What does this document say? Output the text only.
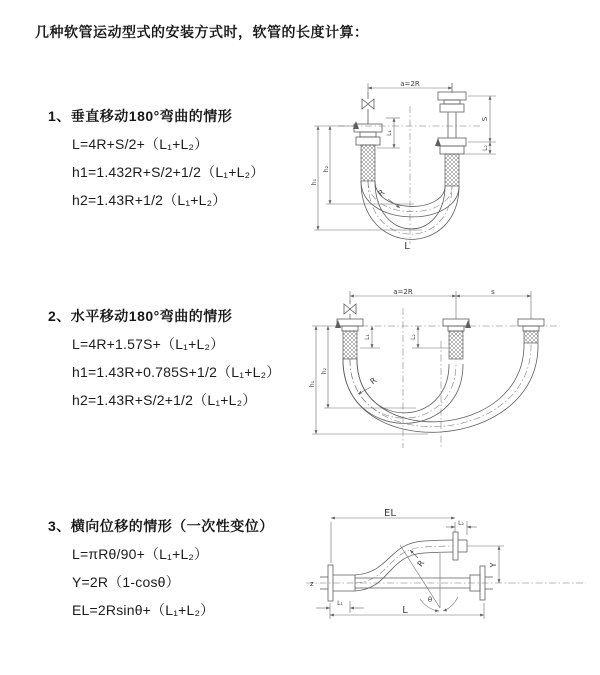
几种软管运动型式的安装方式时，软管的长度计算：
1、垂直移动180°弯曲的情形
L=4R+S/2+（L₁+L₂）
h1=1.432R+S/2+1/2（L₁+L₂）
h2=1.43R+1/2（L₁+L₂）
2、水平移动180°弯曲的情形
L=4R+1.57S+（L₁+L₂）
h1=1.43R+0.785S+1/2（L₁+L₂）
h2=1.43R+S/2+1/2（L₁+L₂）
3、横向位移的情形（一次性变位）
L=πRθ/90+（L₁+L₂）
Y=2R（1-cosθ）
EL=2Rsinθ+（L₁+L₂）
a=2R
h₁
h₂
L₁
S
L₂
R
L
a=2R	s
h₁
h₂
L₁	L₂
R
z
EL
L₂
Y
θ
R
L₁
L
